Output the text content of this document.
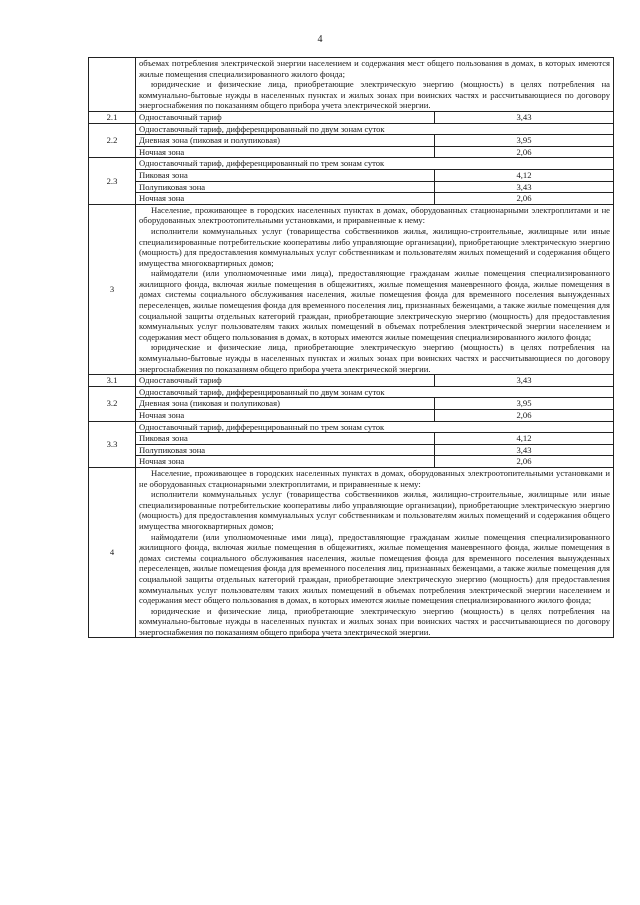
4

	объемах потребления электрической энергии населением и содержания мест общего пользования в домах, в которых имеются жилые помещения специализированного жилого фонда;

юридические и физические лица, приобретающие электрическую энергию (мощность) в целях потребления на коммунально-бытовые нужды в населенных пунктах и жилых зонах при воинских частях и рассчитывающиеся по договору энергоснабжения по показаниям общего прибора учета электрической энергии.	

2.1	Одноставочный тариф	3,43
2.2	Одноставочный тариф, дифференцированный по двум зонам суток	
	Дневная зона (пиковая и полупиковая)	3,95
	Ночная зона	2,06
2.3	Одноставочный тариф, дифференцированный по трем зонам суток	
	Пиковая зона	4,12
	Полупиковая зона	3,43
	Ночная зона	2,06
3	Население, проживающее в городских населенных пунктах в домах, оборудованных стационарными электроплитами и не оборудованных электроотопительными установками, и приравненные к нему:

исполнители коммунальных услуг (товарищества собственников жилья, жилищно-строительные, жилищные или иные специализированные потребительские кооперативы либо управляющие организации), приобретающие электрическую энергию (мощность) для предоставления коммунальных услуг собственникам и пользователям жилых помещений и содержания общего имущества многоквартирных домов;

наймодатели (или уполномоченные ими лица), предоставляющие гражданам жилые помещения специализированного жилищного фонда, включая жилые помещения в общежитиях, жилые помещения маневренного фонда, жилые помещения в домах системы социального обслуживания населения, жилые помещения фонда для временного поселения вынужденных переселенцев, жилые помещения фонда для временного поселения лиц, признанных беженцами, а также жилые помещения для социальной защиты отдельных категорий граждан, приобретающие электрическую энергию (мощность) для предоставления коммунальных услуг пользователям таких жилых помещений в объемах потребления электрической энергии населением и содержания мест общего пользования в домах, в которых имеются жилые помещения специализированного жилого фонда;

юридические и физические лица, приобретающие электрическую энергию (мощность) в целях потребления на коммунально-бытовые нужды в населенных пунктах и жилых зонах при воинских частях и рассчитывающиеся по договору энергоснабжения по показаниям общего прибора учета электрической энергии.	

3.1	Одноставочный тариф	3,43
3.2	Одноставочный тариф, дифференцированный по двум зонам суток	
	Дневная зона (пиковая и полупиковая)	3,95
	Ночная зона	2,06
3.3	Одноставочный тариф, дифференцированный по трем зонам суток	
	Пиковая зона	4,12
	Полупиковая зона	3,43
	Ночная зона	2,06
4	Население, проживающее в городских населенных пунктах в домах, оборудованных электроотопительными установками и не оборудованных стационарными электроплитами, и приравненные к нему:

исполнители коммунальных услуг (товарищества собственников жилья, жилищно-строительные, жилищные или иные специализированные потребительские кооперативы либо управляющие организации), приобретающие электрическую энергию (мощность) для предоставления коммунальных услуг собственникам и пользователям жилых помещений и содержания общего имущества многоквартирных домов;

наймодатели (или уполномоченные ими лица), предоставляющие гражданам жилые помещения специализированного жилищного фонда, включая жилые помещения в общежитиях, жилые помещения маневренного фонда, жилые помещения в домах системы социального обслуживания населения, жилые помещения фонда для временного поселения вынужденных переселенцев, жилые помещения фонда для временного поселения лиц, признанных беженцами, а также жилые помещения для социальной защиты отдельных категорий граждан, приобретающие электрическую энергию (мощность) для предоставления коммунальных услуг пользователям таких жилых помещений в объемах потребления электрической энергии населением и содержания мест общего пользования в домах, в которых имеются жилые помещения специализированного жилого фонда;

юридические и физические лица, приобретающие электрическую энергию (мощность) в целях потребления на коммунально-бытовые нужды в населенных пунктах и жилых зонах при воинских частях и рассчитывающиеся по договору энергоснабжения по показаниям общего прибора учета электрической энергии.	
